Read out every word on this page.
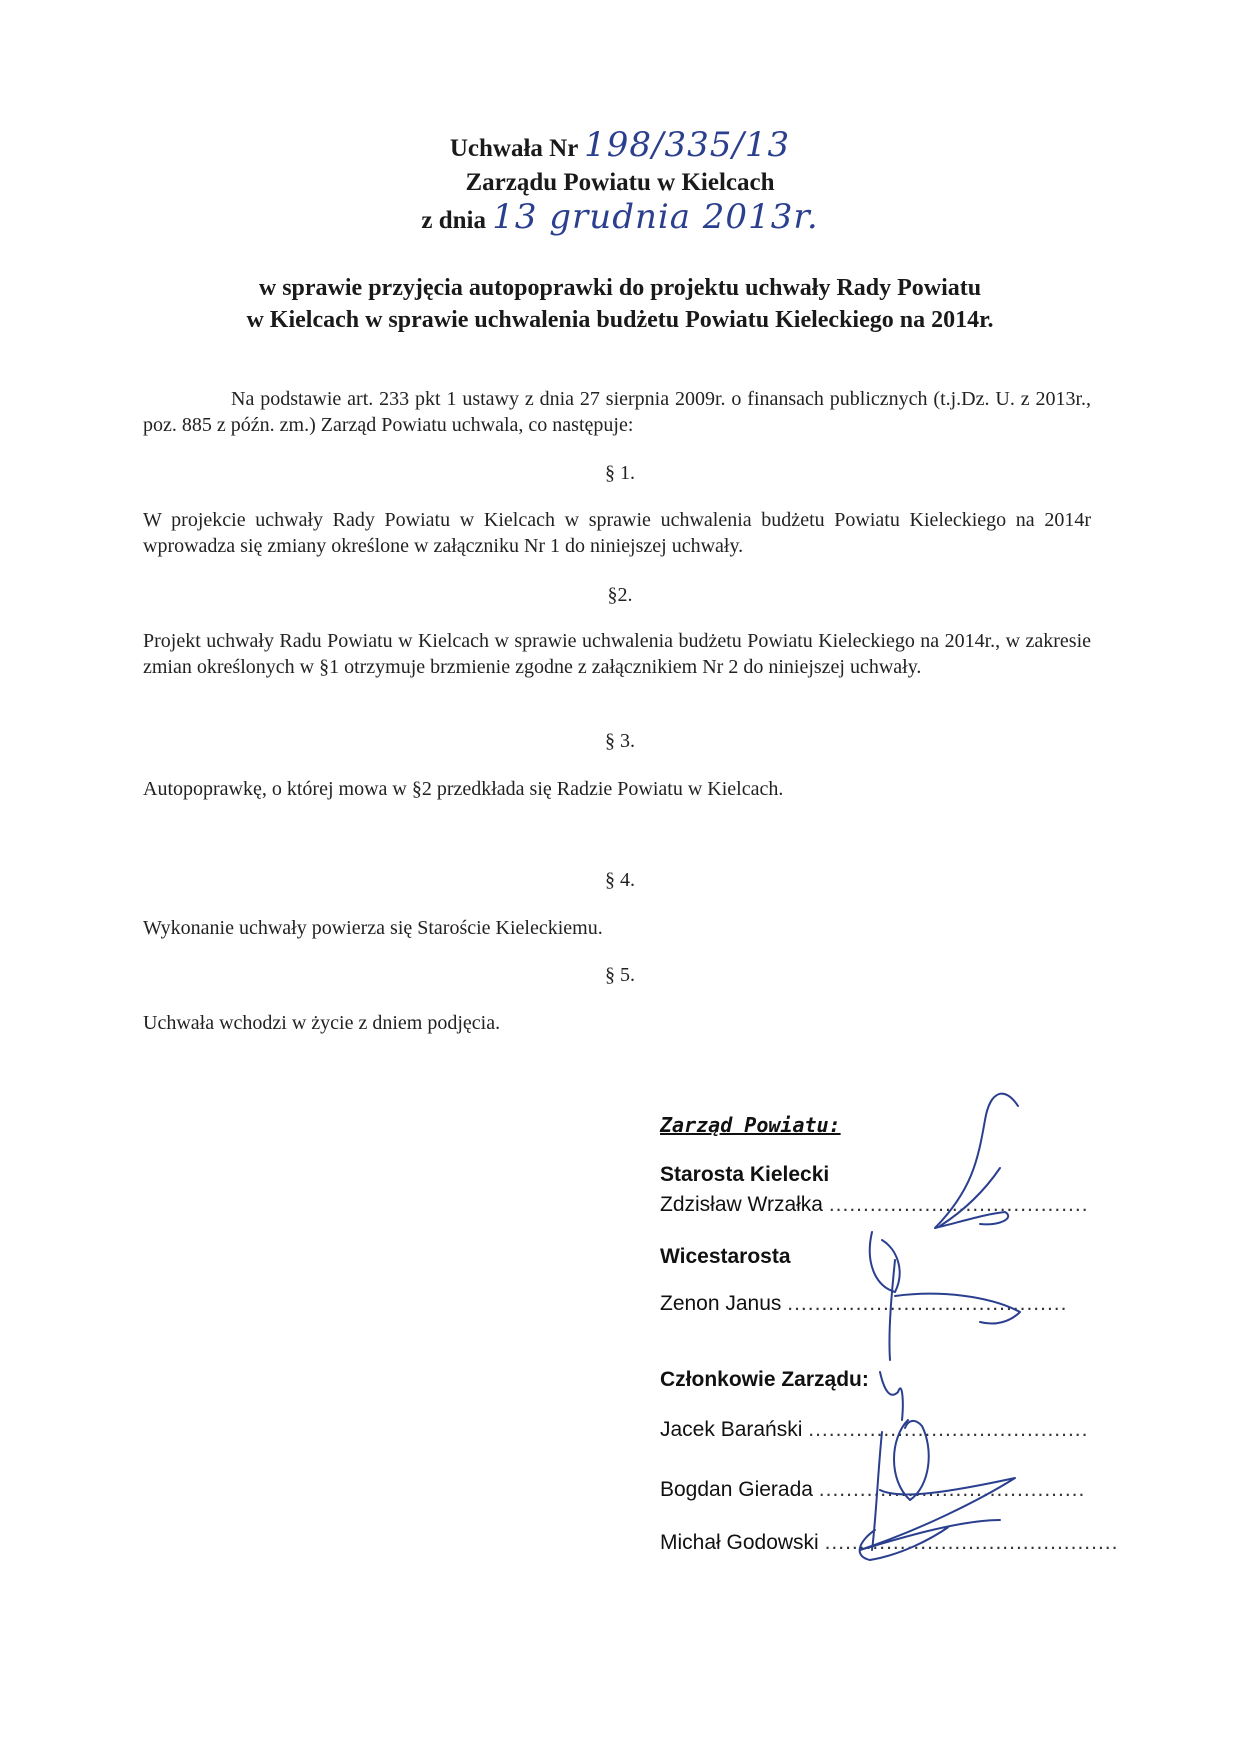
Uchwała Nr 198/335/13
Zarządu Powiatu w Kielcach
z dnia 13 grudnia 2013r.
w sprawie przyjęcia autopoprawki do projektu uchwały Rady Powiatu
w Kielcach w sprawie uchwalenia budżetu Powiatu Kieleckiego na 2014r.
Na podstawie art. 233 pkt 1 ustawy z dnia 27 sierpnia 2009r. o finansach publicznych (t.j.Dz. U. z 2013r., poz. 885 z późn. zm.) Zarząd Powiatu uchwala, co następuje:
§ 1.
W projekcie uchwały Rady Powiatu w Kielcach w sprawie uchwalenia budżetu Powiatu Kieleckiego na 2014r wprowadza się zmiany określone w załączniku Nr 1 do niniejszej uchwały.
§2.
Projekt uchwały Radu Powiatu w Kielcach w sprawie uchwalenia budżetu Powiatu Kieleckiego na 2014r., w zakresie zmian określonych w §1 otrzymuje brzmienie zgodne z załącznikiem Nr 2 do niniejszej uchwały.
§ 3.
Autopoprawkę, o której mowa w §2 przedkłada się Radzie Powiatu w Kielcach.
§ 4.
Wykonanie uchwały powierza się Staroście Kieleckiemu.
§ 5.
Uchwała wchodzi w życie z dniem podjęcia.
Zarząd Powiatu:
Starosta Kielecki
Zdzisław Wrzałka ......................................
Wicestarosta
Zenon Janus .........................................
Członkowie Zarządu:
Jacek Barański .........................................
Bogdan Gierada .......................................
Michał Godowski ...........................................
